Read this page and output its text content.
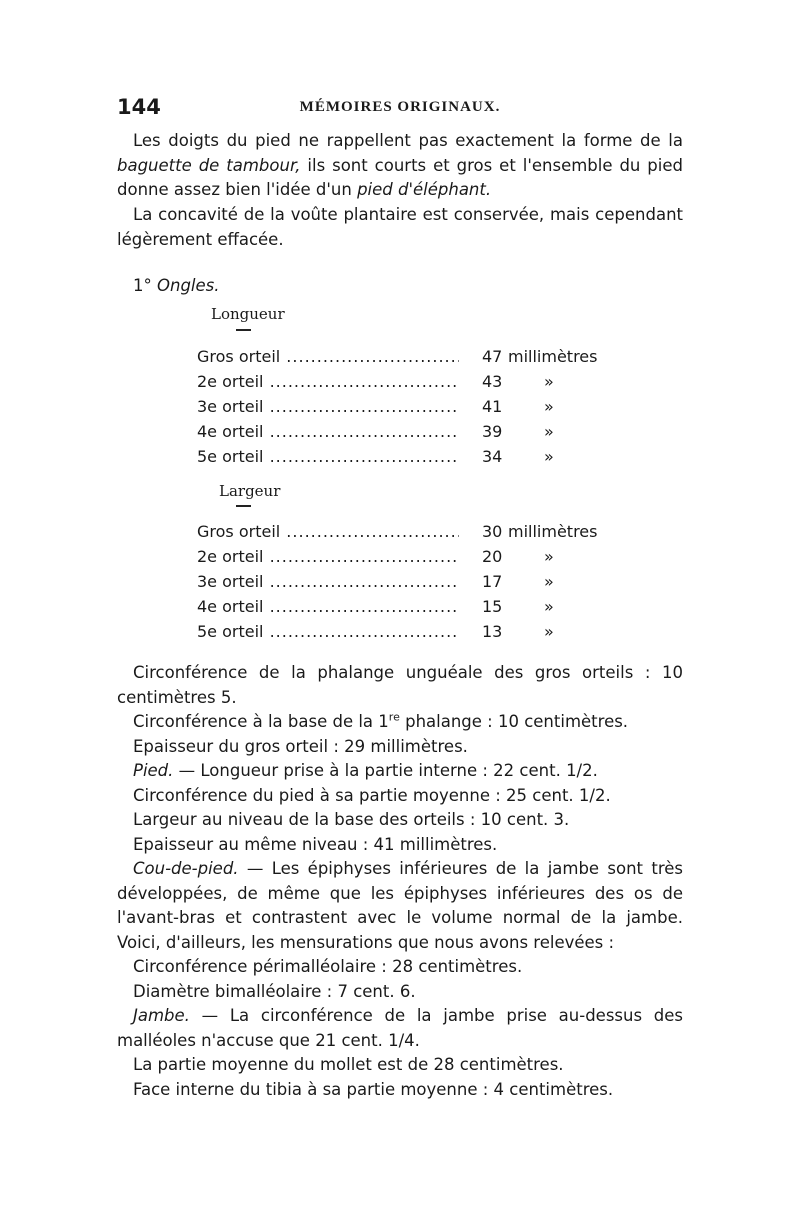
144	MÉMOIRES ORIGINAUX.

Les doigts du pied ne rappellent pas exactement la forme de la baguette de tambour, ils sont courts et gros et l'ensemble du pied donne assez bien l'idée d'un pied d'éléphant.

La concavité de la voûte plantaire est conservée, mais cependant légèrement effacée.

1° Ongles.
Longueur
Gros orteil .....	47 millimètres
2e orteil .....	43	»
3e orteil .....	41	»
4e orteil .....	39	»
5e orteil .....	34	»
Largeur
Gros orteil .....	30 millimètres
2e orteil .....	20	»
3e orteil .....	17	»
4e orteil .....	15	»
5e orteil .....	13	»

Circonférence de la phalange unguéale des gros orteils : 10 centimètres 5.

Circonférence à la base de la 1re phalange : 10 centimètres.

Epaisseur du gros orteil : 29 millimètres.

Pied. — Longueur prise à la partie interne : 22 cent. 1/2.

Circonférence du pied à sa partie moyenne : 25 cent. 1/2.

Largeur au niveau de la base des orteils : 10 cent. 3.

Epaisseur au même niveau : 41 millimètres.

Cou-de-pied. — Les épiphyses inférieures de la jambe sont très développées, de même que les épiphyses inférieures des os de l'avant-bras et contrastent avec le volume normal de la jambe. Voici, d'ailleurs, les mensurations que nous avons relevées :

Circonférence périmalléolaire : 28 centimètres.

Diamètre bimalléolaire : 7 cent. 6.

Jambe. — La circonférence de la jambe prise au-dessus des malléoles n'accuse que 21 cent. 1/4.

La partie moyenne du mollet est de 28 centimètres.

Face interne du tibia à sa partie moyenne : 4 centimètres.
